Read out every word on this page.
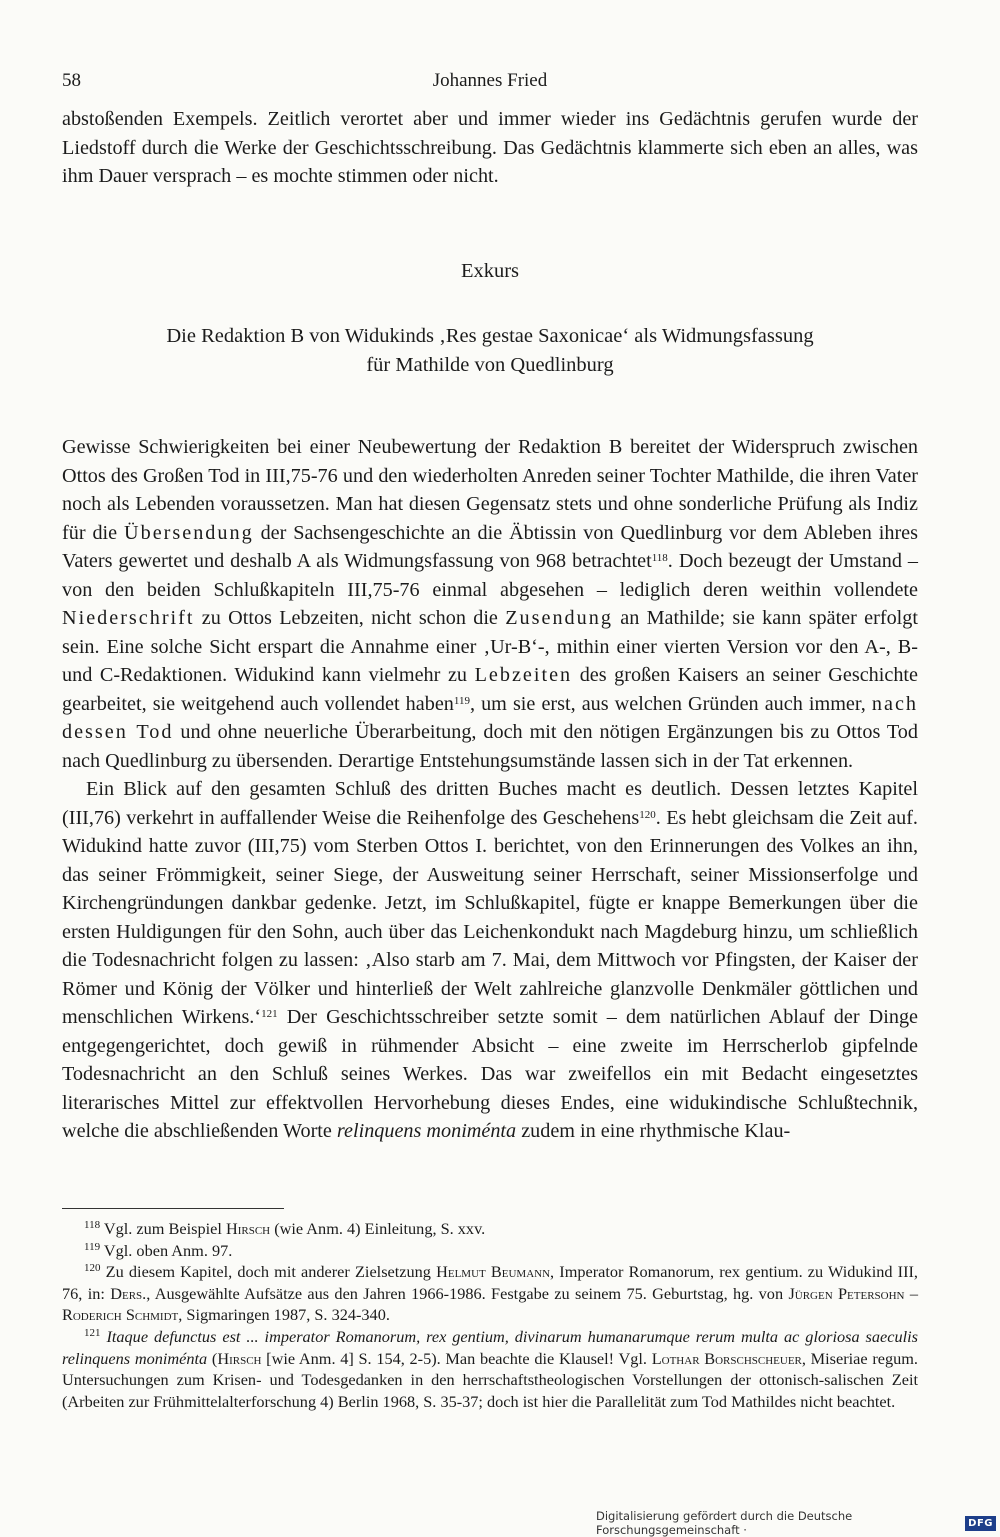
58	Johannes Fried

abstoßenden Exempels. Zeitlich verortet aber und immer wieder ins Gedächtnis gerufen wurde der Liedstoff durch die Werke der Geschichtsschreibung. Das Gedächtnis klammerte sich eben an alles, was ihm Dauer versprach – es mochte stimmen oder nicht.

Exkurs
Die Redaktion B von Widukinds ‚Res gestae Saxonicae‘ als Widmungsfassung
für Mathilde von Quedlinburg

Gewisse Schwierigkeiten bei einer Neubewertung der Redaktion B bereitet der Widerspruch zwischen Ottos des Großen Tod in III,75-76 und den wiederholten Anreden seiner Tochter Mathilde, die ihren Vater noch als Lebenden voraussetzen. Man hat diesen Gegensatz stets und ohne sonderliche Prüfung als Indiz für die Übersendung der Sachsengeschichte an die Äbtissin von Quedlinburg vor dem Ableben ihres Vaters gewertet und deshalb A als Widmungsfassung von 968 betrachtet$^{118}$. Doch bezeugt der Umstand – von den beiden Schlußkapiteln III,75-76 einmal abgesehen – lediglich deren weithin vollendete Niederschrift zu Ottos Lebzeiten, nicht schon die Zusendung an Mathilde; sie kann später erfolgt sein. Eine solche Sicht erspart die Annahme einer ‚Ur-B‘-, mithin einer vierten Version vor den A-, B- und C-Redaktionen. Widukind kann vielmehr zu Lebzeiten des großen Kaisers an seiner Geschichte gearbeitet, sie weitgehend auch vollendet haben$^{119}$, um sie erst, aus welchen Gründen auch immer, nach dessen Tod und ohne neuerliche Überarbeitung, doch mit den nötigen Ergänzungen bis zu Ottos Tod nach Quedlinburg zu übersenden. Derartige Entstehungsumstände lassen sich in der Tat erkennen.

Ein Blick auf den gesamten Schluß des dritten Buches macht es deutlich. Dessen letztes Kapitel (III,76) verkehrt in auffallender Weise die Reihenfolge des Geschehens$^{120}$. Es hebt gleichsam die Zeit auf. Widukind hatte zuvor (III,75) vom Sterben Ottos I. berichtet, von den Erinnerungen des Volkes an ihn, das seiner Frömmigkeit, seiner Siege, der Ausweitung seiner Herrschaft, seiner Missionserfolge und Kirchengründungen dankbar gedenke. Jetzt, im Schlußkapitel, fügte er knappe Bemerkungen über die ersten Huldigungen für den Sohn, auch über das Leichenkondukt nach Magdeburg hinzu, um schließlich die Todesnachricht folgen zu lassen: ‚Also starb am 7. Mai, dem Mittwoch vor Pfingsten, der Kaiser der Römer und König der Völker und hinterließ der Welt zahlreiche glanzvolle Denkmäler göttlichen und menschlichen Wirkens.‘$^{121}$ Der Geschichtsschreiber setzte somit – dem natürlichen Ablauf der Dinge entgegengerichtet, doch gewiß in rühmender Absicht – eine zweite im Herrscherlob gipfelnde Todesnachricht an den Schluß seines Werkes. Das war zweifellos ein mit Bedacht eingesetztes literarisches Mittel zur effektvollen Hervorhebung dieses Endes, eine widukindische Schlußtechnik, welche die abschließenden Worte relinquens moniménta zudem in eine rhythmische Klau-

$^{118}$ Vgl. zum Beispiel Hirsch (wie Anm. 4) Einleitung, S. xxv.

$^{119}$ Vgl. oben Anm. 97.

$^{120}$ Zu diesem Kapitel, doch mit anderer Zielsetzung Helmut Beumann, Imperator Romanorum, rex gentium. zu Widukind III, 76, in: Ders., Ausgewählte Aufsätze aus den Jahren 1966-1986. Festgabe zu seinem 75. Geburtstag, hg. von Jürgen Petersohn – Roderich Schmidt, Sigmaringen 1987, S. 324-340.

$^{121}$ Itaque defunctus est ... imperator Romanorum, rex gentium, divinarum humanarumque rerum multa ac gloriosa saeculis relinquens moniménta (Hirsch [wie Anm. 4] S. 154, 2-5). Man beachte die Klausel! Vgl. Lothar Borschscheuer, Miseriae regum. Untersuchungen zum Krisen- und Todesgedanken in den herrschaftstheologischen Vorstellungen der ottonisch-salischen Zeit (Arbeiten zur Frühmittelalterforschung 4) Berlin 1968, S. 35-37; doch ist hier die Parallelität zum Tod Mathildes nicht beachtet.

Digitalisierung gefördert durch die Deutsche Forschungsgemeinschaft ·	DFG
